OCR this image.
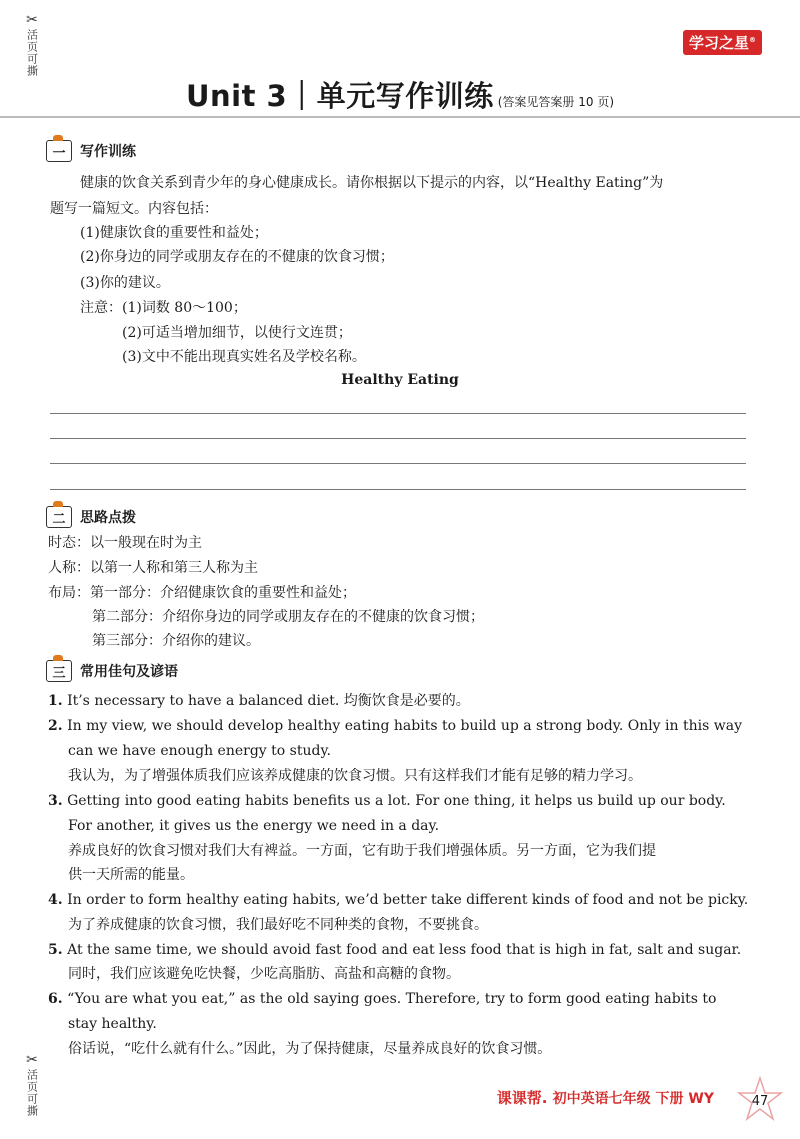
✂
活页可撕
✂
活页可撕
学习之星®
Unit 3｜单元写作训练 (答案见答案册 10 页)
一 写作训练
健康的饮食关系到青少年的身心健康成长。请你根据以下提示的内容，以“Healthy Eating”为
题写一篇短文。内容包括：
(1)健康饮食的重要性和益处；
(2)你身边的同学或朋友存在的不健康的饮食习惯；
(3)你的建议。
注意：(1)词数 80～100；
(2)可适当增加细节，以使行文连贯；
(3)文中不能出现真实姓名及学校名称。
Healthy Eating
二 思路点拨
时态：以一般现在时为主
人称：以第一人称和第三人称为主
布局：第一部分：介绍健康饮食的重要性和益处；
第二部分：介绍你身边的同学或朋友存在的不健康的饮食习惯；
第三部分：介绍你的建议。
三 常用佳句及谚语
1. It’s necessary to have a balanced diet. 均衡饮食是必要的。
2. In my view, we should develop healthy eating habits to build up a strong body. Only in this way
can we have enough energy to study.
我认为，为了增强体质我们应该养成健康的饮食习惯。只有这样我们才能有足够的精力学习。
3. Getting into good eating habits benefits us a lot. For one thing, it helps us build up our body.
For another, it gives us the energy we need in a day.
养成良好的饮食习惯对我们大有裨益。一方面，它有助于我们增强体质。另一方面，它为我们提
供一天所需的能量。
4. In order to form healthy eating habits, we’d better take different kinds of food and not be picky.
为了养成健康的饮食习惯，我们最好吃不同种类的食物，不要挑食。
5. At the same time, we should avoid fast food and eat less food that is high in fat, salt and sugar.
同时，我们应该避免吃快餐，少吃高脂肪、高盐和高糖的食物。
6. “You are what you eat,” as the old saying goes. Therefore, try to form good eating habits to
stay healthy.
俗话说，“吃什么就有什么。”因此，为了保持健康，尽量养成良好的饮食习惯。
课课帮. 初中英语七年级 下册 WY	47
